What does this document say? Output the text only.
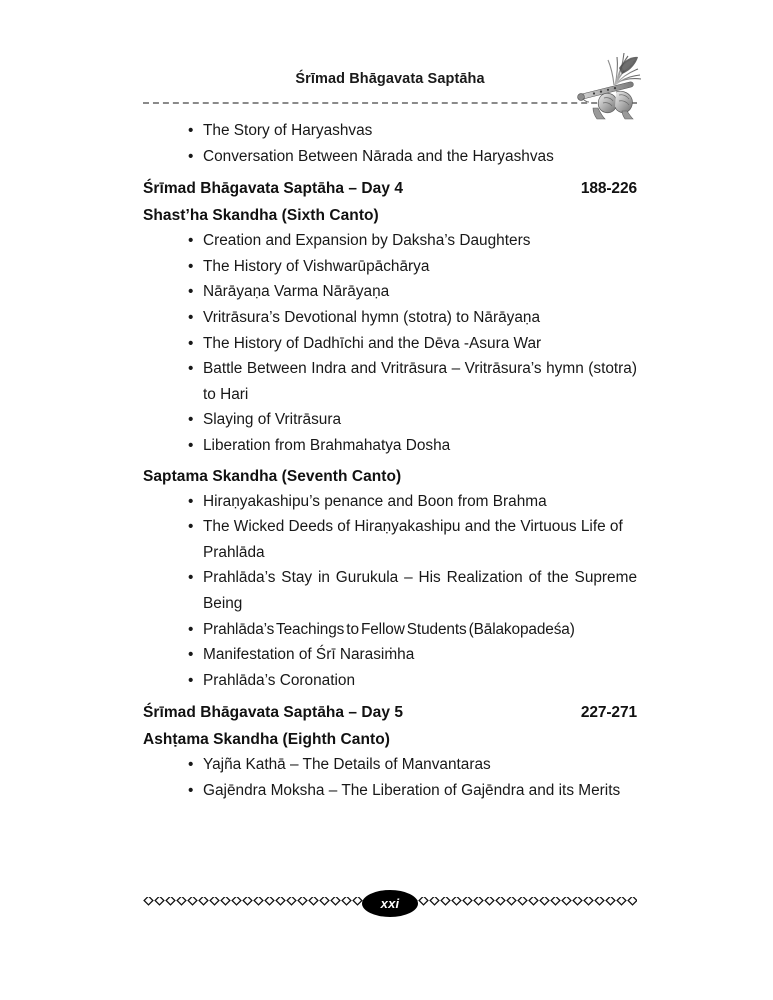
Śrīmad Bhāgavata Saptāha
• The Story of Haryashvas
• Conversation Between Nārada and the Haryashvas
Śrīmad Bhāgavata Saptāha – Day 4	188-226
Shast’ha Skandha (Sixth Canto)
• Creation and Expansion by Daksha’s Daughters
• The History of Vishwarūpāchārya
• Nārāyaṇa Varma Nārāyaṇa
• Vritrāsura’s Devotional hymn (stotra) to Nārāyaṇa
• The History of Dadhīchi and the Dēva -Asura War
• Battle Between Indra and Vritrāsura – Vritrāsura’s hymn (stotra) to Hari
• Slaying of Vritrāsura
• Liberation from Brahmahatya Dosha
Saptama Skandha (Seventh Canto)
• Hiraṇyakashipu’s penance and Boon from Brahma
• The Wicked Deeds of Hiraṇyakashipu and the Virtuous Life of Prahlāda
• Prahlāda’s Stay in Gurukula – His Realization of the Supreme Being
• Prahlāda’s Teachings to Fellow Students (Bālakopadeśa)
• Manifestation of Śrī Narasiṁha
• Prahlāda’s Coronation
Śrīmad Bhāgavata Saptāha – Day 5	227-271
Ashṭama Skandha (Eighth Canto)
• Yajña Kathā – The Details of Manvantaras
• Gajēndra Moksha – The Liberation of Gajēndra and its Merits
xxi
